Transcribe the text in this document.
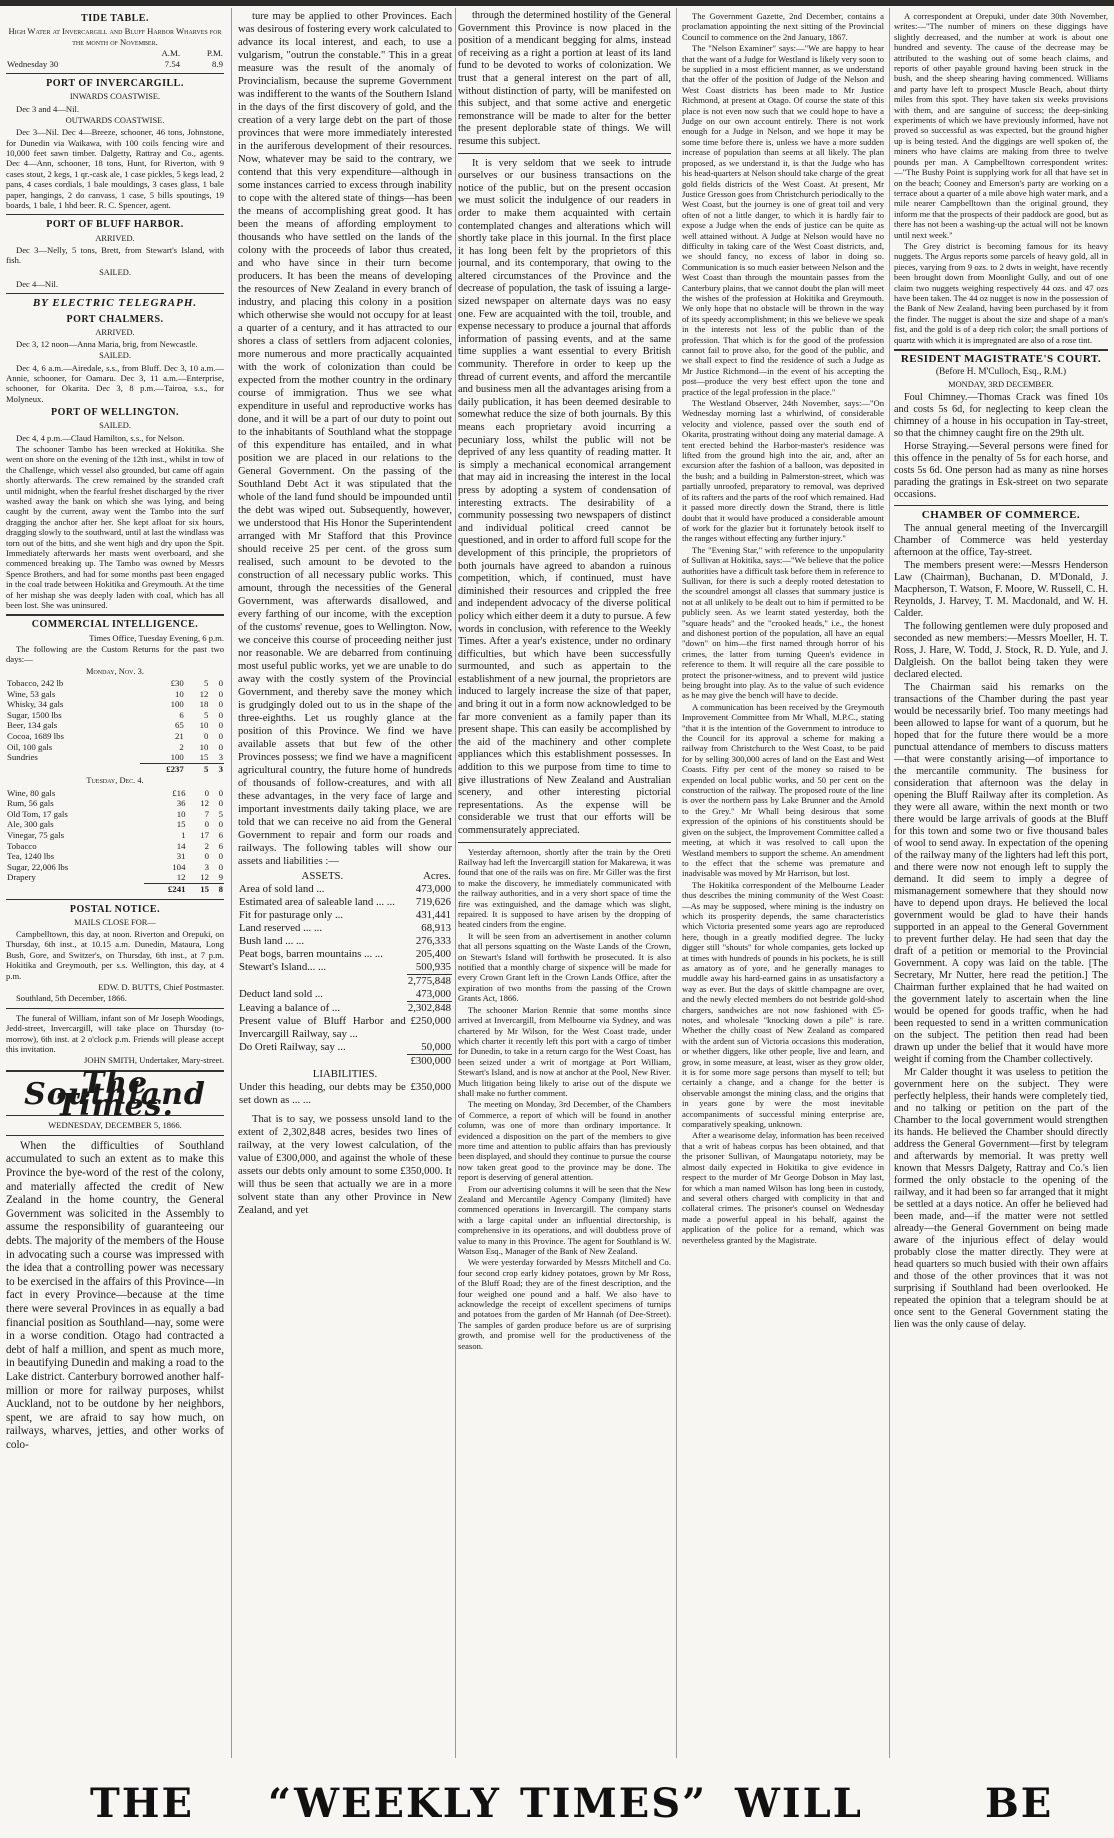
TIDE TABLE.
High Water at Invercargill and Bluff Harbor Wharves for the month of November.
	A.M.	P.M.
Wednesday 30	7.54	8.9
PORT OF INVERCARGILL.
INWARDS COASTWISE.
Dec 3 and 4—Nil.
OUTWARDS COASTWISE.
Dec 3—Nil. Dec 4—Breeze, schooner, 46 tons, Johnstone, for Dunedin via Waikawa, with 100 coils fencing wire and 10,000 feet sawn timber. Dalgetty, Rattray and Co., agents. Dec 4—Ann, schooner, 18 tons, Hunt, for Riverton, with 9 cases stout, 2 kegs, 1 qr.-cask ale, 1 case pickles, 5 kegs lead, 2 pans, 4 cases cordials, 1 bale mouldings, 3 cases glass, 1 bale paper, hangings, 2 do canvass, 1 case, 5 bills spoutings, 19 boards, 1 bale, 1 hhd beer. R. C. Spencer, agent.
PORT OF BLUFF HARBOR.
ARRIVED.
Dec 3—Nelly, 5 tons, Brett, from Stewart's Island, with fish.
SAILED.
Dec 4—Nil.
BY ELECTRIC TELEGRAPH.
PORT CHALMERS.
ARRIVED.
Dec 3, 12 noon—Anna Maria, brig, from Newcastle.
SAILED.
Dec 4, 6 a.m.—Airedale, s.s., from Bluff. Dec 3, 10 a.m.—Annie, schooner, for Oamaru. Dec 3, 11 a.m.—Enterprise, schooner, for Okarita. Dec 3, 8 p.m.—Tairoa, s.s., for Molyneux.
PORT OF WELLINGTON.
SAILED.
Dec 4, 4 p.m.—Claud Hamilton, s.s., for Nelson.
The schooner Tambo has been wrecked at Hokitika. She went on shore on the evening of the 12th inst., whilst in tow of the Challenge, which vessel also grounded, but came off again shortly afterwards. The crew remained by the stranded craft until midnight, when the fearful freshet discharged by the river washed away the bank on which she was lying, and being caught by the current, away went the Tambo into the surf dragging the anchor after her. She kept afloat for six hours, dragging slowly to the southward, until at last the windlass was torn out of the bitts, and she went high and dry upon the Spit. Immediately afterwards her masts went overboard, and she commenced breaking up. The Tambo was owned by Messrs Spence Brothers, and had for some months past been engaged in the coal trade between Hokitika and Greymouth. At the time of her mishap she was deeply laden with coal, which has all been lost. She was uninsured.
COMMERCIAL INTELLIGENCE.
Times Office, Tuesday Evening, 6 p.m.
The following are the Custom Returns for the past two days:—
Monday, Nov. 3.
Tobacco, 242 lb	£30	5	0
Wine, 53 gals	10	12	0
Whisky, 34 gals	100	18	0
Sugar, 1500 lbs	6	5	0
Beer, 134 gals	65	10	0
Cocoa, 1689 lbs	21	0	0
Oil, 100 gals	2	10	0
Sundries	100	15	3
	£237	5	3
Tuesday, Dec. 4.
Wine, 80 gals	£16	0	0
Rum, 56 gals	36	12	0
Old Tom, 17 gals	10	7	5
Ale, 300 gals	15	0	0
Vinegar, 75 gals	1	17	6
Tobacco	14	2	6
Tea, 1240 lbs	31	0	0
Sugar, 22,006 lbs	104	3	0
Drapery	12	12	9
	£241	15	8
POSTAL NOTICE.
MAILS CLOSE FOR—
Campbelltown, this day, at noon. Riverton and Orepuki, on Thursday, 6th inst., at 10.15 a.m. Dunedin, Mataura, Long Bush, Gore, and Switzer's, on Thursday, 6th inst., at 7 p.m. Hokitika and Greymouth, per s.s. Wellington, this day, at 4 p.m.
EDW. D. BUTTS, Chief Postmaster.
Southland, 5th December, 1866.
The funeral of William, infant son of Mr Joseph Woodings, Jedd-street, Invercargill, will take place on Thursday (to-morrow), 6th inst. at 2 o'clock p.m. Friends will please accept this invitation.
JOHN SMITH, Undertaker, Mary-street.
The Southland Times.
WEDNESDAY, DECEMBER 5, 1866.
When the difficulties of Southland accumulated to such an extent as to make this Province the bye-word of the rest of the colony, and materially affected the credit of New Zealand in the home country, the General Government was solicited in the Assembly to assume the responsibility of guaranteeing our debts. The majority of the members of the House in advocating such a course was impressed with the idea that a controlling power was necessary to be exercised in the affairs of this Province—in fact in every Province—because at the time there were several Provinces in as equally a bad financial position as Southland—nay, some were in a worse condition. Otago had contracted a debt of half a million, and spent as much more, in beautifying Dunedin and making a road to the Lake district. Canterbury borrowed another half-million or more for railway purposes, whilst Auckland, not to be outdone by her neighbors, spent, we are afraid to say how much, on railways, wharves, jetties, and other works of colo-
ture may be applied to other Provinces. Each was desirous of fostering every work calculated to advance its local interest, and each, to use a vulgarism, "outrun the constable." This in a great measure was the result of the anomaly of Provincialism, because the supreme Government was indifferent to the wants of the Southern Island in the days of the first discovery of gold, and the creation of a very large debt on the part of those provinces that were more immediately interested in the auriferous development of their resources. Now, whatever may be said to the contrary, we contend that this very expenditure—although in some instances carried to excess through inability to cope with the altered state of things—has been the means of accomplishing great good. It has been the means of affording employment to thousands who have settled on the lands of the colony with the proceeds of labor thus created, and who have since in their turn become producers. It has been the means of developing the resources of New Zealand in every branch of industry, and placing this colony in a position which otherwise she would not occupy for at least a quarter of a century, and it has attracted to our shores a class of settlers from adjacent colonies, more numerous and more practically acquainted with the work of colonization than could be expected from the mother country in the ordinary course of immigration. Thus we see what expenditure in useful and reproductive works has done, and it will be a part of our duty to point out to the inhabitants of Southland what the stoppage of this expenditure has entailed, and in what position we are placed in our relations to the General Government. On the passing of the Southland Debt Act it was stipulated that the whole of the land fund should be impounded until the debt was wiped out. Subsequently, however, we understood that His Honor the Superintendent arranged with Mr Stafford that this Province should receive 25 per cent. of the gross sum realised, such amount to be devoted to the construction of all necessary public works. This amount, through the necessities of the General Government, was afterwards disallowed, and every farthing of our income, with the exception of the customs' revenue, goes to Wellington. Now, we conceive this course of proceeding neither just nor reasonable. We are debarred from continuing most useful public works, yet we are unable to do away with the costly system of the Provincial Government, and thereby save the money which is grudgingly doled out to us in the shape of the three-eighths. Let us roughly glance at the position of this Province. We find we have available assets that but few of the other Provinces possess; we find we have a magnificent agricultural country, the future home of hundreds of thousands of follow-creatures, and with all these advantages, in the very face of large and important investments daily taking place, we are told that we can receive no aid from the General Government to repair and form our roads and railways. The following tables will show our assets and liabilities :—
ASSETS.	Acres.
Area of sold land ...	473,000
Estimated area of saleable land ... ...	719,626
Fit for pasturage only ...	431,441
Land reserved ... ...	68,913
Bush land ... ...	276,333
Peat bogs, barren mountains ... ...	205,400
Stewart's Island... ...	500,935
	2,775,848
Deduct land sold ...	473,000
Leaving a balance of ...	2,302,848
Present value of Bluff Harbor and Invercargill Railway, say ...	£250,000
Do Oreti Railway, say ...	50,000
	£300,000
LIABILITIES.	
Under this heading, our debts may be set down as ... ...	£350,000
That is to say, we possess unsold land to the extent of 2,302,848 acres, besides two lines of railway, at the very lowest calculation, of the value of £300,000, and against the whole of these assets our debts only amount to some £350,000. It will thus be seen that actually we are in a more solvent state than any other Province in New Zealand, and yet
through the determined hostility of the General Government this Province is now placed in the position of a mendicant begging for alms, instead of receiving as a right a portion at least of its land fund to be devoted to works of colonization. We trust that a general interest on the part of all, without distinction of party, will be manifested on this subject, and that some active and energetic remonstrance will be made to alter for the better the present deplorable state of things. We will resume this subject.
It is very seldom that we seek to intrude ourselves or our business transactions on the notice of the public, but on the present occasion we must solicit the indulgence of our readers in order to make them acquainted with certain contemplated changes and alterations which will shortly take place in this journal. In the first place it has long been felt by the proprietors of this journal, and its contemporary, that owing to the altered circumstances of the Province and the decrease of population, the task of issuing a large-sized newspaper on alternate days was no easy one. Few are acquainted with the toil, trouble, and expense necessary to produce a journal that affords information of passing events, and at the same time supplies a want essential to every British community. Therefore in order to keep up the thread of current events, and afford the mercantile and business men all the advantages arising from a daily publication, it has been deemed desirable to somewhat reduce the size of both journals. By this means each proprietary avoid incurring a pecuniary loss, whilst the public will not be deprived of any less quantity of reading matter. It is simply a mechanical economical arrangement that may aid in increasing the interest in the local press by adopting a system of condensation of interesting extracts. The desirability of a community possessing two newspapers of distinct and individual political creed cannot be questioned, and in order to afford full scope for the development of this principle, the proprietors of both journals have agreed to abandon a ruinous competition, which, if continued, must have diminished their resources and crippled the free and independent advocacy of the diverse political policy which either deem it a duty to pursue. A few words in conclusion, with reference to the Weekly Times. After a year's existence, under no ordinary difficulties, but which have been successfully surmounted, and such as appertain to the establishment of a new journal, the proprietors are induced to largely increase the size of that paper, and bring it out in a form now acknowledged to be far more convenient as a family paper than its present shape. This can easily be accomplished by the aid of the machinery and other complete appliances which this establishment possesses. In addition to this we purpose from time to time to give illustrations of New Zealand and Australian scenery, and other interesting pictorial representations. As the expense will be considerable we trust that our efforts will be commensurately appreciated.
Yesterday afternoon, shortly after the train by the Oreti Railway had left the Invercargill station for Makarewa, it was found that one of the rails was on fire. Mr Giller was the first to make the discovery, he immediately communicated with the railway authorities, and in a very short space of time the fire was extinguished, and the damage which was slight, repaired. It is supposed to have arisen by the dropping of heated cinders from the engine.
It will be seen from an advertisement in another column that all persons squatting on the Waste Lands of the Crown, on Stewart's Island will forthwith be prosecuted. It is also notified that a monthly charge of sixpence will be made for every Crown Grant left in the Crown Lands Office, after the expiration of two months from the passing of the Crown Grants Act, 1866.
The schooner Marion Rennie that some months since arrived at Invercargill, from Melbourne via Sydney, and was chartered by Mr Wilson, for the West Coast trade, under which charter it recently left this port with a cargo of timber for Dunedin, to take in a return cargo for the West Coast, has been seized under a writ of mortgage at Port William, Stewart's Island, and is now at anchor at the Pool, New River. Much litigation being likely to arise out of the dispute we shall make no further comment.
The meeting on Monday, 3rd December, of the Chambers of Commerce, a report of which will be found in another column, was one of more than ordinary importance. It evidenced a disposition on the part of the members to give more time and attention to public affairs than has previously been displayed, and should they continue to pursue the course now taken great good to the province may be done. The report is deserving of general attention.
From our advertising columns it will be seen that the New Zealand and Mercantile Agency Company (limited) have commenced operations in Invercargill. The company starts with a large capital under an influential directorship, is comprehensive in its operations, and will doubtless prove of value to many in this Province. The agent for Southland is W. Watson Esq., Manager of the Bank of New Zealand.
We were yesterday forwarded by Messrs Mitchell and Co. four second crop early kidney potatoes, grown by Mr Ross, of the Bluff Road; they are of the finest description, and the four weighed one pound and a half. We also have to acknowledge the receipt of excellent specimens of turnips and potatoes from the garden of Mr Hannah (of Dee-Street). The samples of garden produce before us are of surprising growth, and promise well for the productiveness of the season.
The Government Gazette, 2nd December, contains a proclamation appointing the next sitting of the Provincial Council to commence on the 2nd January, 1867.
The "Nelson Examiner" says:—"We are happy to hear that the want of a Judge for Westland is likely very soon to be supplied in a most efficient manner, as we understand that the offer of the position of Judge of the Nelson and West Coast districts has been made to Mr Justice Richmond, at present at Otago. Of course the state of this place is not even now such that we could hope to have a Judge on our own account entirely. There is not work enough for a Judge in Nelson, and we hope it may be some time before there is, unless we have a more sudden increase of population than seems at all likely. The plan proposed, as we understand it, is that the Judge who has his head-quarters at Nelson should take charge of the great gold fields districts of the West Coast. At present, Mr Justice Gresson goes from Christchurch periodically to the West Coast, but the journey is one of great toil and very often of not a little danger, to which it is hardly fair to expose a Judge when the ends of justice can be quite as well attained without. A Judge at Nelson would have no difficulty in taking care of the West Coast districts, and, we should fancy, no excess of labor in doing so. Communication is so much easier between Nelson and the West Coast than through the mountain passes from the Canterbury plains, that we cannot doubt the plan will meet the wishes of the profession at Hokitika and Greymouth. We only hope that no obstacle will be thrown in the way of its speedy accomplishment; in this we believe we speak in the interests not less of the public than of the profession. That which is for the good of the profession cannot fail to prove also, for the good of the public, and we shall expect to find the residence of such a Judge as Mr Justice Richmond—in the event of his accepting the post—produce the very best effect upon the tone and practice of the legal profession in the place."
The Westland Observer, 24th November, says:—"On Wednesday morning last a whirlwind, of considerable velocity and violence, passed over the south end of Okarita, prostrating without doing any material damage. A tent erected behind the Harbor-master's residence was lifted from the ground high into the air, and, after an excursion after the fashion of a balloon, was deposited in the bush; and a building in Palmerston-street, which was partially unroofed, preparatory to removal, was deprived of its rafters and the parts of the roof which remained. Had it passed more directly down the Strand, there is little doubt that it would have produced a considerable amount of work for the glazier but it fortunately betook itself to the ranges without effecting any further injury."
The "Evening Star," with reference to the unpopularity of Sullivan at Hokitika, says:—"We believe that the police authorities have a difficult task before them in reference to Sullivan, for there is such a deeply rooted detestation to the scoundrel amongst all classes that summary justice is not at all unlikely to be dealt out to him if permitted to be publicly seen. As we learnt stated yesterday, both the "square heads" and the "crooked heads," i.e., the honest and dishonest portion of the population, all have an equal "down" on him—the first named through horror of his crimes, the latter from turning Queen's evidence in reference to them. It will require all the care possible to protect the prisoner-witness, and to prevent wild justice being brought into play. As to the value of such evidence as he may give the bench will have to decide.
A communication has been received by the Greymouth Improvement Committee from Mr Whall, M.P.C., stating "that it is the intention of the Government to introduce to the Council for its approval a scheme for making a railway from Christchurch to the West Coast, to be paid for by selling 300,000 acres of land on the East and West Coasts. Fifty per cent of the money so raised to be expended on local public works, and 50 per cent on the construction of the railway. The proposed route of the line is over the northern pass by Lake Brunner and the Arnold to the Grey." Mr Whall being desirous that some expression of the opinions of his constituents should be given on the subject, the Improvement Committee called a meeting, at which it was resolved to call upon the Westland members to support the scheme. An amendment to the effect that the scheme was premature and inadvisable was moved by Mr Harrison, but lost.
The Hokitika correspondent of the Melbourne Leader thus describes the mining community of the West Coast:—As may be supposed, where mining is the industry on which its prosperity depends, the same characteristics which Victoria presented some years ago are reproduced here, though in a greatly modified degree. The lucky digger still "shouts" for whole companies, gets locked up at times with hundreds of pounds in his pockets, he is still as amatory as of yore, and he generally manages to muddle away his hard-earned gains in as unsatisfactory a way as ever. But the days of skittle champagne are over, and the newly elected members do not bestride gold-shod chargers, sandwiches are not now fashioned with £5-notes, and wholesale "knocking down a pile" is rare. Whether the chilly coast of New Zealand as compared with the ardent sun of Victoria occasions this moderation, or whether diggers, like other people, live and learn, and grow, in some measure, at least, wiser as they grow older, it is for some more sage persons than myself to tell; but certainly a change, and a change for the better is observable amongst the mining class, and the origins that in years gone by were the most inevitable accompaniments of successful mining enterprise are, comparatively speaking, unknown.
After a wearisome delay, information has been received that a writ of habeas corpus has been obtained, and that the prisoner Sullivan, of Maungatapu notoriety, may be almost daily expected in Hokitika to give evidence in respect to the murder of Mr George Dobson in May last, for which a man named Wilson has long been in custody, and several others charged with complicity in that and collateral crimes. The prisoner's counsel on Wednesday made a powerful appeal in his behalf, against the application of the police for a remand, which was nevertheless granted by the Magistrate.
A correspondent at Orepuki, under date 30th November, writes:—"The number of miners on these diggings have slightly decreased, and the number at work is about one hundred and seventy. The cause of the decrease may be attributed to the washing out of some beach claims, and reports of other payable ground having been struck in the bush, and the sheep shearing having commenced. Williams and party have left to prospect Muscle Beach, about thirty miles from this spot. They have taken six weeks provisions with them, and are sanguine of success; the deep-sinking experiments of which we have previously informed, have not proved so successful as was expected, but the ground higher up is being tested. And the diggings are well spoken of, the miners who have claims are making from three to twelve pounds per man. A Campbelltown correspondent writes:—"The Bushy Point is supplying work for all that have set in on the beach; Cooney and Emerson's party are working on a terrace about a quarter of a mile above high water mark, and a mile nearer Campbelltown than the original ground, they inform me that the prospects of their paddock are good, but as there has not been a washing-up the actual will not be known until next week."
The Grey district is becoming famous for its heavy nuggets. The Argus reports some parcels of heavy gold, all in pieces, varying from 9 ozs. to 2 dwts in weight, have recently been brought down from Moonlight Gully, and out of one claim two nuggets weighing respectively 44 ozs. and 47 ozs have been taken. The 44 oz nugget is now in the possession of the Bank of New Zealand, having been purchased by it from the finder. The nugget is about the size and shape of a man's fist, and the gold is of a deep rich color; the small portions of quartz with which it is impregnated are also of a rose tint.
RESIDENT MAGISTRATE'S COURT.
(Before H. M'Culloch, Esq., R.M.)
MONDAY, 3RD DECEMBER.
Foul Chimney.—Thomas Crack was fined 10s and costs 5s 6d, for neglecting to keep clean the chimney of a house in his occupation in Tay-street, so that the chimney caught fire on the 29th ult.
Horse Straying.—Several persons were fined for this offence in the penalty of 5s for each horse, and costs 5s 6d. One person had as many as nine horses parading the gratings in Esk-street on two separate occasions.
CHAMBER OF COMMERCE.
The annual general meeting of the Invercargill Chamber of Commerce was held yesterday afternoon at the office, Tay-street.
The members present were:—Messrs Henderson Law (Chairman), Buchanan, D. M'Donald, J. Macpherson, T. Watson, F. Moore, W. Russell, C. H. Reynolds, J. Harvey, T. M. Macdonald, and W. H. Calder.
The following gentlemen were duly proposed and seconded as new members:—Messrs Moeller, H. T. Ross, J. Hare, W. Todd, J. Stock, R. D. Yule, and J. Dalgleish. On the ballot being taken they were declared elected.
The Chairman said his remarks on the transactions of the Chamber during the past year would be necessarily brief. Too many meetings had been allowed to lapse for want of a quorum, but he hoped that for the future there would be a more punctual attendance of members to discuss matters—that were constantly arising—of importance to the mercantile community. The business for consideration that afternoon was the delay in opening the Bluff Railway after its completion. As they were all aware, within the next month or two there would be large arrivals of goods at the Bluff for this town and some two or five thousand bales of wool to send away. In expectation of the opening of the railway many of the lighters had left this port, and there were now not enough left to supply the demand. It did seem to imply a degree of mismanagement somewhere that they should now have to depend upon drays. He believed the local government would be glad to have their hands supported in an appeal to the General Government to prevent further delay. He had seen that day the draft of a petition or memorial to the Provincial Government. A copy was laid on the table. [The Secretary, Mr Nutter, here read the petition.] The Chairman further explained that he had waited on the government lately to ascertain when the line would be opened for goods traffic, when he had been requested to send in a written communication on the subject. The petition then read had been drawn up under the belief that it would have more weight if coming from the Chamber collectively.
Mr Calder thought it was useless to petition the government here on the subject. They were perfectly helpless, their hands were completely tied, and no talking or petition on the part of the Chamber to the local government would strengthen its hands. He believed the Chamber should directly address the General Government—first by telegram and afterwards by memorial. It was pretty well known that Messrs Dalgety, Rattray and Co.'s lien formed the only obstacle to the opening of the railway, and it had been so far arranged that it might be settled at a days notice. An offer he believed had been made, and—if the matter were not settled already—the General Government on being made aware of the injurious effect of delay would probably close the matter directly. They were at head quarters so much busied with their own affairs and those of the other provinces that it was not surprising if Southland had been overlooked. He repeated the opinion that a telegram should be at once sent to the General Government stating the lien was the only cause of delay.
THE “WEEKLY TIMES” WILL	BE
